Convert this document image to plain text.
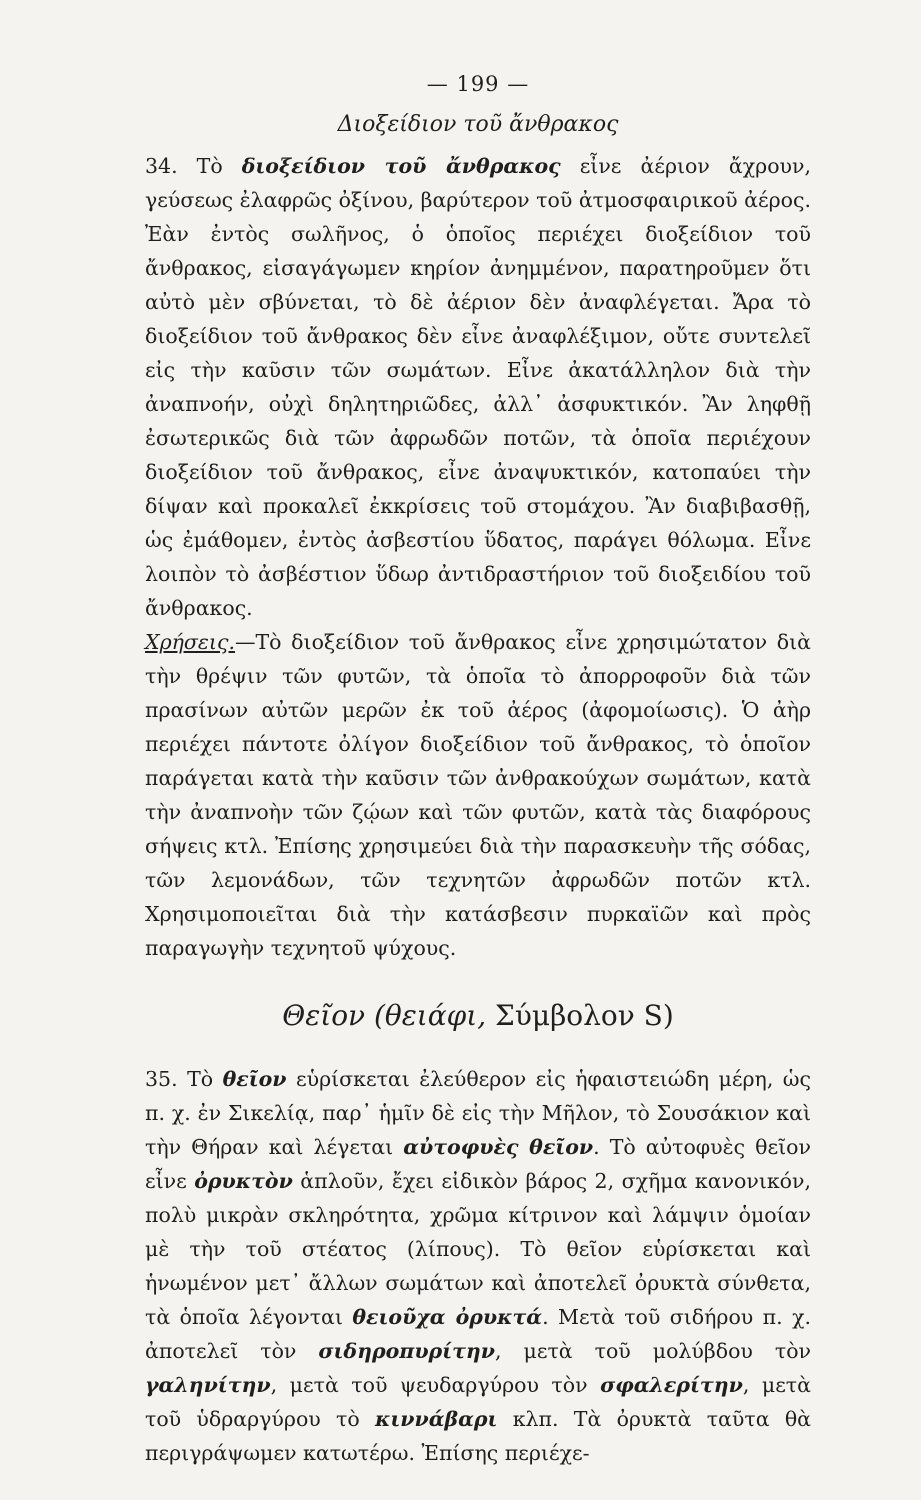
— 199 —
Διοξείδιον τοῦ ἄνθρακος

34. Τὸ διοξείδιον τοῦ ἄνθρακος εἶνε ἀέριον ἄχρουν, γεύσεως ἐλαφρῶς ὀξίνου, βαρύτερον τοῦ ἀτμοσφαιρικοῦ ἀέρος. Ἐὰν ἐντὸς σωλῆνος, ὁ ὁποῖος περιέχει διοξείδιον τοῦ ἄνθρακος, εἰσαγάγωμεν κηρίον ἀνημμένον, παρατηροῦμεν ὅτι αὐτὸ μὲν σβύνεται, τὸ δὲ ἀέριον δὲν ἀναφλέγεται. Ἄρα τὸ διοξείδιον τοῦ ἄνθρακος δὲν εἶνε ἀναφλέξιμον, οὔτε συντελεῖ εἰς τὴν καῦσιν τῶν σωμάτων. Εἶνε ἀκατάλληλον διὰ τὴν ἀναπνοήν, οὐχὶ δηλητηριῶδες, ἀλλ᾿ ἀσφυκτικόν. Ἂν ληφθῇ ἐσωτερικῶς διὰ τῶν ἀφρωδῶν ποτῶν, τὰ ὁποῖα περιέχουν διοξείδιον τοῦ ἄνθρακος, εἶνε ἀναψυκτικόν, κατοπαύει τὴν δίψαν καὶ προκαλεῖ ἐκκρίσεις τοῦ στομάχου. Ἂν διαβιβασθῇ, ὡς ἐμάθομεν, ἐντὸς ἀσβεστίου ὕδατος, παράγει θόλωμα. Εἶνε λοιπὸν τὸ ἀσβέστιον ὕδωρ ἀντιδραστήριον τοῦ διοξειδίου τοῦ ἄνθρακος.

Χρήσεις.—Τὸ διοξείδιον τοῦ ἄνθρακος εἶνε χρησιμώτατον διὰ τὴν θρέψιν τῶν φυτῶν, τὰ ὁποῖα τὸ ἀπορροφοῦν διὰ τῶν πρασίνων αὐτῶν μερῶν ἐκ τοῦ ἀέρος (ἀφομοίωσις). Ὁ ἀὴρ περιέχει πάντοτε ὀλίγον διοξείδιον τοῦ ἄνθρακος, τὸ ὁποῖον παράγεται κατὰ τὴν καῦσιν τῶν ἀνθρακούχων σωμάτων, κατὰ τὴν ἀναπνοὴν τῶν ζῴων καὶ τῶν φυτῶν, κατὰ τὰς διαφόρους σήψεις κτλ. Ἐπίσης χρησιμεύει διὰ τὴν παρασκευὴν τῆς σόδας, τῶν λεμονάδων, τῶν τεχνητῶν ἀφρωδῶν ποτῶν κτλ. Χρησιμοποιεῖται διὰ τὴν κατάσβεσιν πυρκαϊῶν καὶ πρὸς παραγωγὴν τεχνητοῦ ψύχους.

Θεῖον (θειάφι, Σύμβολον S)

35. Τὸ θεῖον εὑρίσκεται ἐλεύθερον εἰς ἡφαιστειώδη μέρη, ὡς π. χ. ἐν Σικελίᾳ, παρ᾿ ἡμῖν δὲ εἰς τὴν Μῆλον, τὸ Σουσάκιον καὶ τὴν Θήραν καὶ λέγεται αὐτοφυὲς θεῖον. Τὸ αὐτοφυὲς θεῖον εἶνε ὀρυκτὸν ἁπλοῦν, ἔχει εἰδικὸν βάρος 2, σχῆμα κανονικόν, πολὺ μικρὰν σκληρότητα, χρῶμα κίτρινον καὶ λάμψιν ὁμοίαν μὲ τὴν τοῦ στέατος (λίπους). Τὸ θεῖον εὑρίσκεται καὶ ἡνωμένον μετ᾿ ἄλλων σωμάτων καὶ ἀποτελεῖ ὀρυκτὰ σύνθετα, τὰ ὁποῖα λέγονται θειοῦχα ὀρυκτά. Μετὰ τοῦ σιδήρου π. χ. ἀποτελεῖ τὸν σιδηροπυρίτην, μετὰ τοῦ μολύβδου τὸν γαληνίτην, μετὰ τοῦ ψευδαργύρου τὸν σφαλερίτην, μετὰ τοῦ ὑδραργύρου τὸ κιννάβαρι κλπ. Τὰ ὀρυκτὰ ταῦτα θὰ περιγράψωμεν κατωτέρω. Ἐπίσης περιέχε-
